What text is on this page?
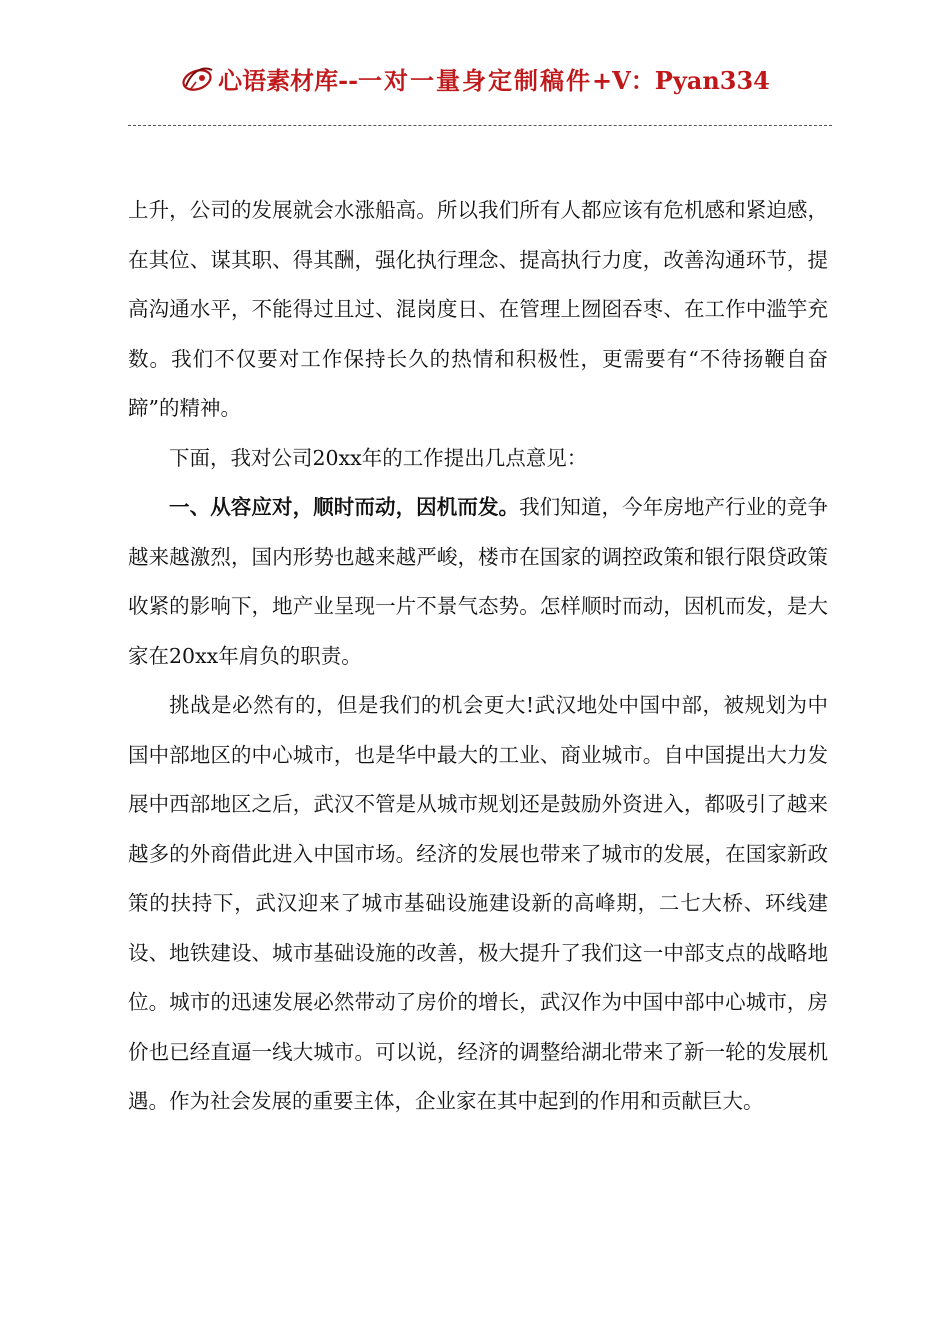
心语素材库--一对一量身定制稿件+V：Pyan334

上升，公司的发展就会水涨船高。所以我们所有人都应该有危机感和紧迫感，在其位、谋其职、得其酬，强化执行理念、提高执行力度，改善沟通环节，提高沟通水平，不能得过且过、混岗度日、在管理上囫囵吞枣、在工作中滥竽充数。我们不仅要对工作保持长久的热情和积极性，更需要有“不待扬鞭自奋蹄”的精神。

下面，我对公司20xx年的工作提出几点意见：

一、从容应对，顺时而动，因机而发。我们知道，今年房地产行业的竞争越来越激烈，国内形势也越来越严峻，楼市在国家的调控政策和银行限贷政策收紧的影响下，地产业呈现一片不景气态势。怎样顺时而动，因机而发，是大家在20xx年肩负的职责。

挑战是必然有的，但是我们的机会更大!武汉地处中国中部，被规划为中国中部地区的中心城市，也是华中最大的工业、商业城市。自中国提出大力发展中西部地区之后，武汉不管是从城市规划还是鼓励外资进入，都吸引了越来越多的外商借此进入中国市场。经济的发展也带来了城市的发展，在国家新政策的扶持下，武汉迎来了城市基础设施建设新的高峰期，二七大桥、环线建设、地铁建设、城市基础设施的改善，极大提升了我们这一中部支点的战略地位。城市的迅速发展必然带动了房价的增长，武汉作为中国中部中心城市，房价也已经直逼一线大城市。可以说，经济的调整给湖北带来了新一轮的发展机遇。作为社会发展的重要主体，企业家在其中起到的作用和贡献巨大。
